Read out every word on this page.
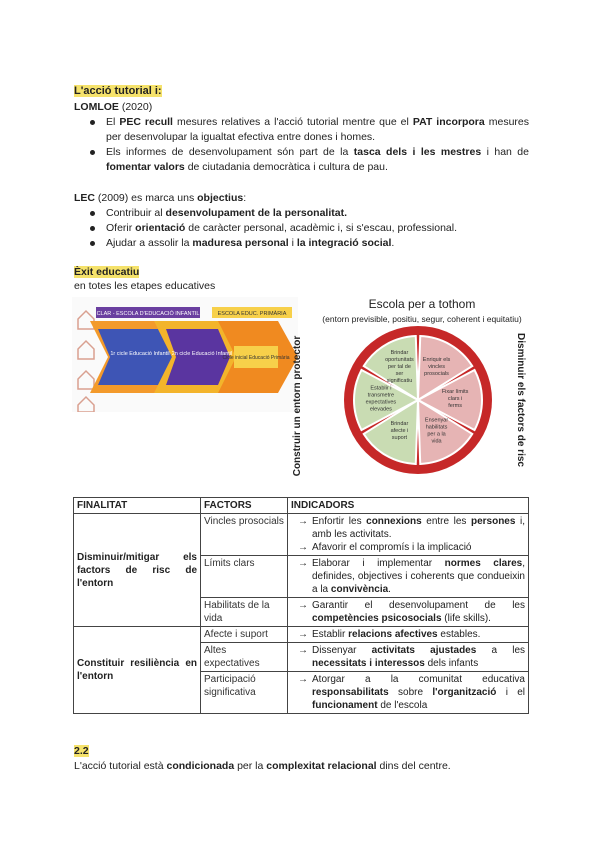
L'acció tutorial i:

LOMLOE (2020)

El PEC recull mesures relatives a l'acció tutorial mentre que el PAT incorpora mesures per desenvolupar la igualtat efectiva entre dones i homes.
Els informes de desenvolupament són part de la tasca dels i les mestres i han de fomentar valors de ciutadania democràtica i cultura de pau.

LEC (2009) es marca uns objectius:

Contribuir al desenvolupament de la personalitat.
Oferir orientació de caràcter personal, acadèmic i, si s'escau, professional.
Ajudar a assolir la maduresa personal i la integració social.

Èxit educatiu

en totes les etapes educatives

CLAR - ESCOLA D'EDUCACIÓ INFANTIL	ESCOLA EDUC. PRIMÀRIA
1r cicle Educació Infantil 2n cicle Educació Infantil
Cicle inicial Educació Primària
Escola per a tothom
(entorn previsible, positiu, segur, coherent i equitatiu)
Construir un entorn protector	Disminuir els factors de risc
Brindar oportunitats per tal de ser significatiu
Enriquir els vincles prosocials
Fixar límits clars i ferms
Ensenyar habilitats per a la vida
Brindar afecte i suport
Establir i transmetre expectatives elevades
FINALITAT	FACTORS	INDICADORS
Disminuir/mitigar els factors de risc de l'entorn	Vincles prosocials	→ Enfortir les connexions entre les persones i, amb les activitats.
→ Afavorir el compromís i la implicació

	Límits clars	→ Elaborar i implementar normes clares, definides, objectives i coherents que condueixin a la convivència.

	Habilitats de la vida	→ Garantir el desenvolupament de les competències psicosocials (life skills).

Constituir resiliència en l'entorn	Afecte i suport	→ Establir relacions afectives estables.

	Altes expectatives	→ Dissenyar activitats ajustades a les necessitats i interessos dels infants

	Participació significativa	→ Atorgar a la comunitat educativa responsabilitats sobre l'organització i el funcionament de l'escola

2.2

L'acció tutorial està condicionada per la complexitat relacional dins del centre.
